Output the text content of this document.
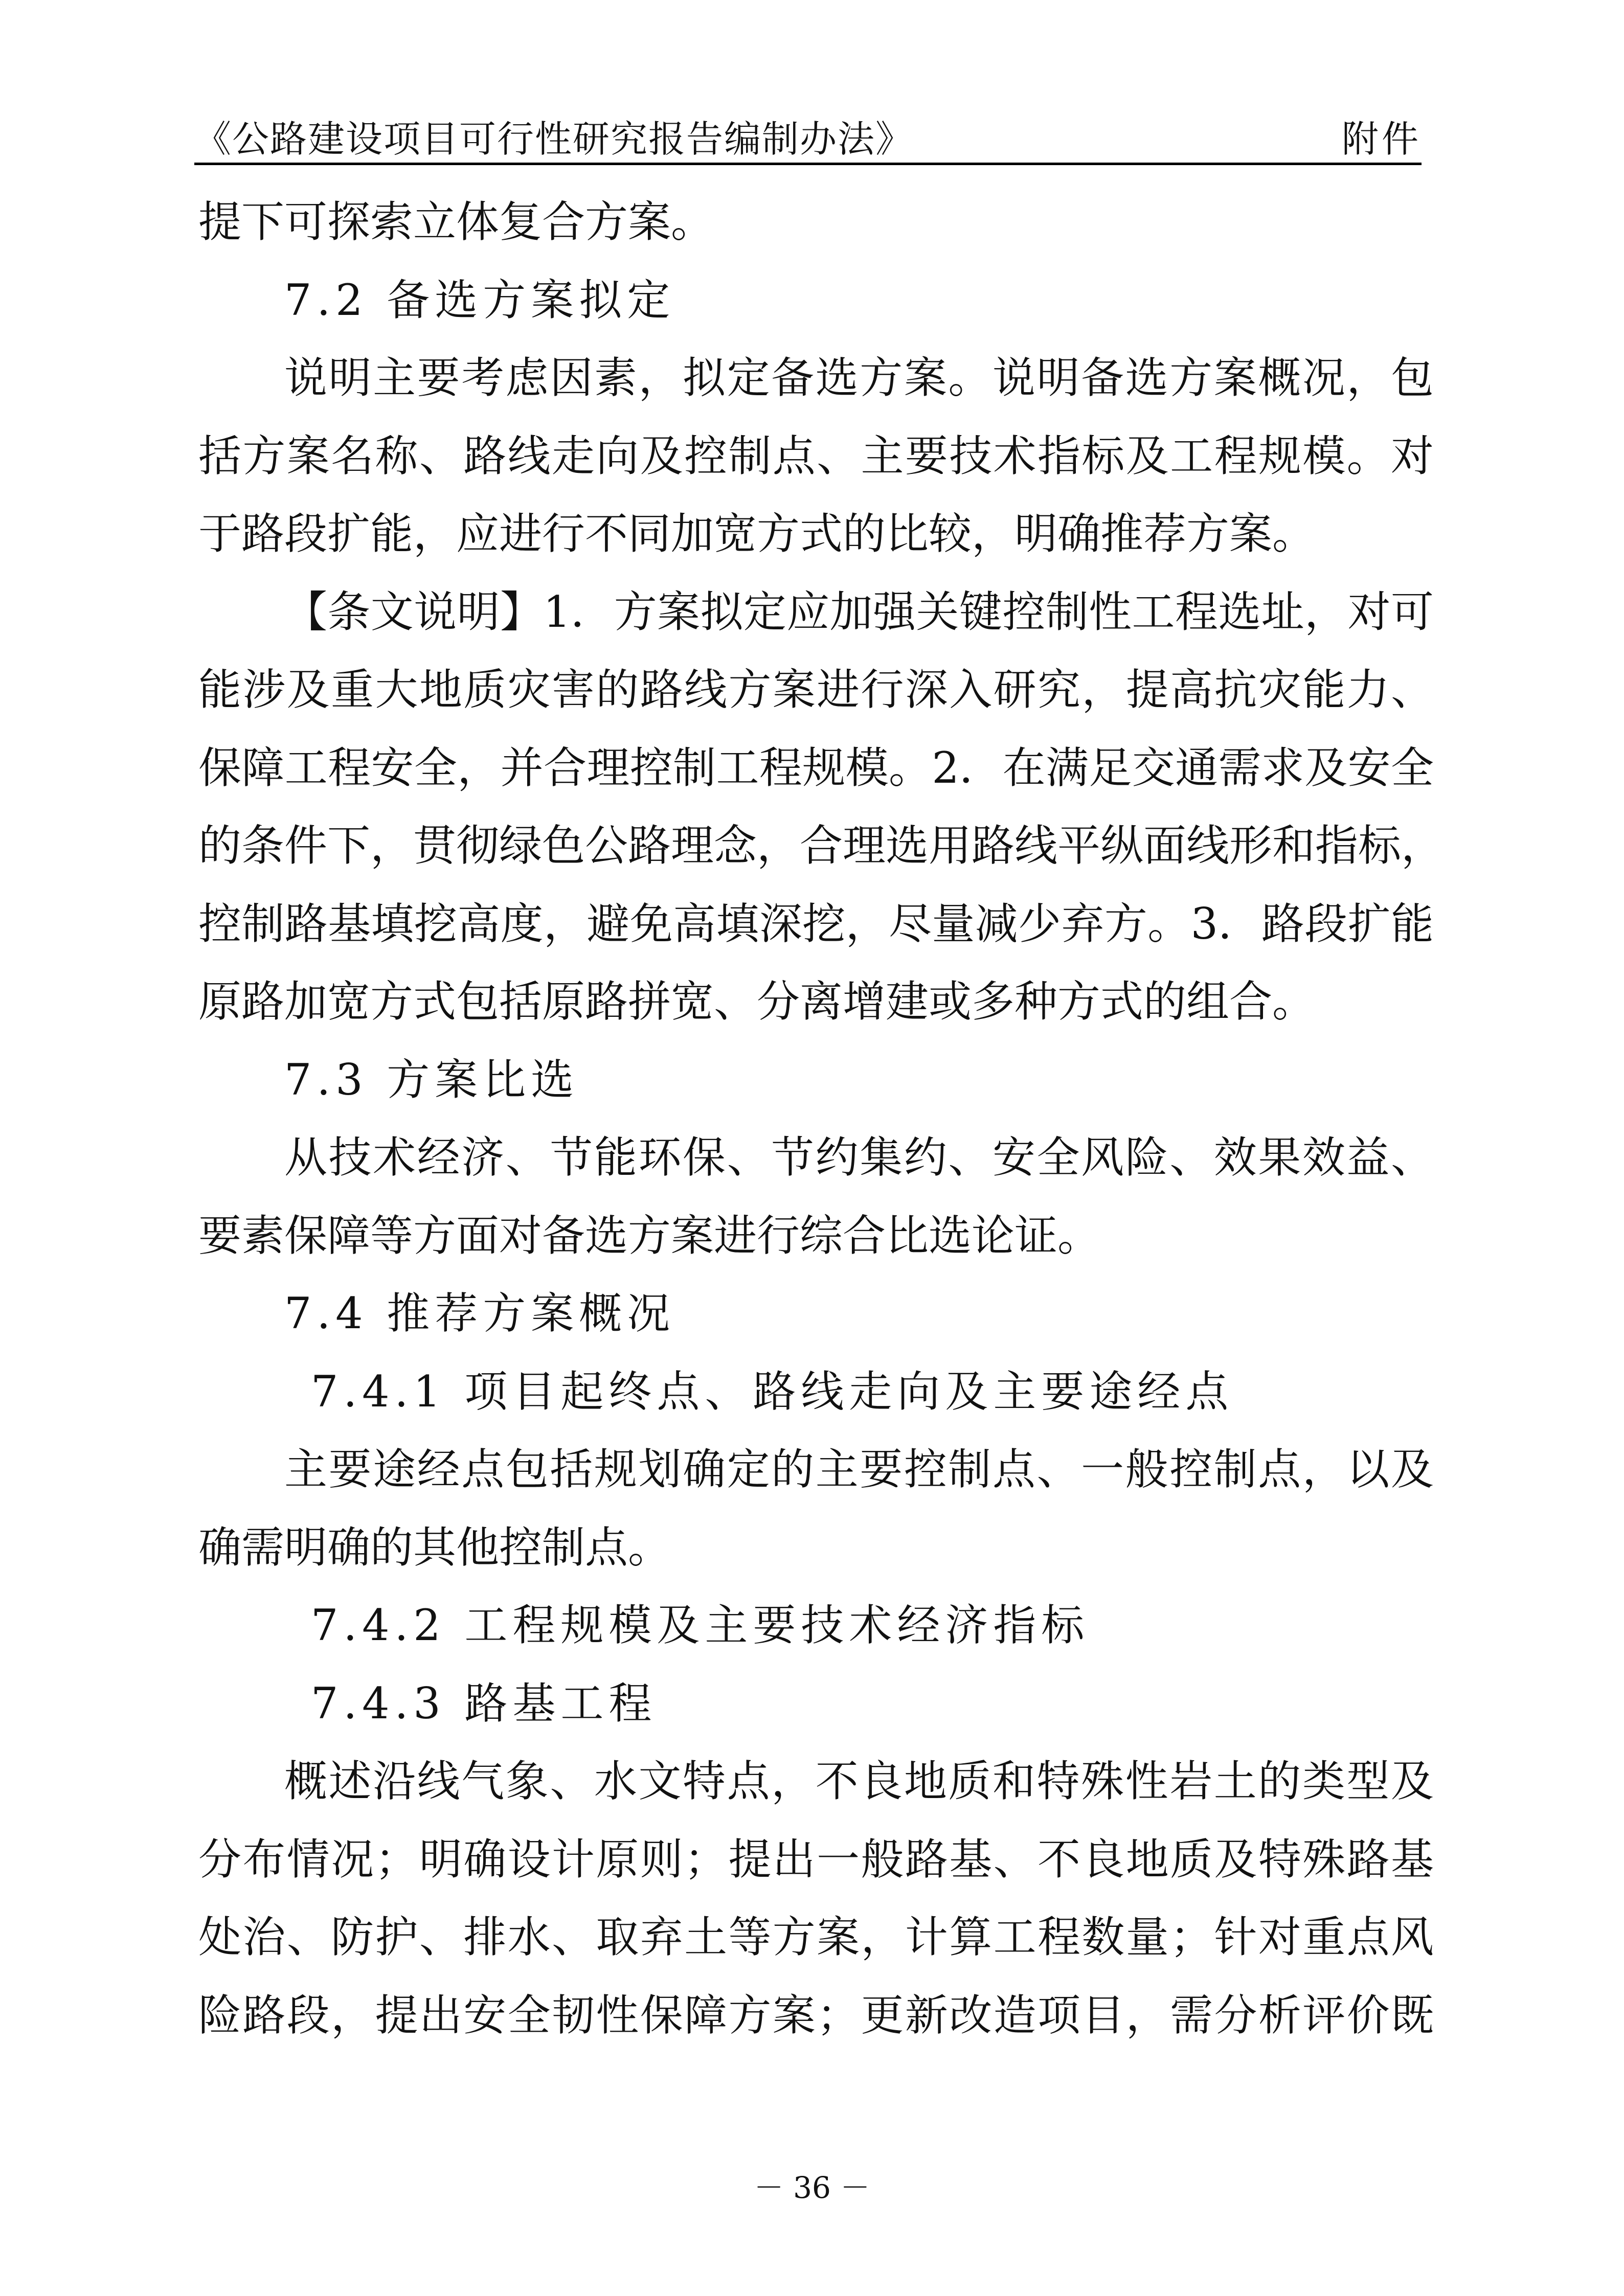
《公路建设项目可行性研究报告编制办法》	附件
提下可探索立体复合方案。
7.2 备选方案拟定
说明主要考虑因素，拟定备选方案。说明备选方案概况，包
括方案名称、路线走向及控制点、主要技术指标及工程规模。对
于路段扩能，应进行不同加宽方式的比较，明确推荐方案。
【条文说明】1．方案拟定应加强关键控制性工程选址，对可
能涉及重大地质灾害的路线方案进行深入研究，提高抗灾能力、
保障工程安全，并合理控制工程规模。2．在满足交通需求及安全
的条件下，贯彻绿色公路理念，合理选用路线平纵面线形和指标，
控制路基填挖高度，避免高填深挖，尽量减少弃方。3．路段扩能
原路加宽方式包括原路拼宽、分离增建或多种方式的组合。
7.3 方案比选
从技术经济、节能环保、节约集约、安全风险、效果效益、
要素保障等方面对备选方案进行综合比选论证。
7.4 推荐方案概况
7.4.1 项目起终点、路线走向及主要途经点
主要途经点包括规划确定的主要控制点、一般控制点，以及
确需明确的其他控制点。
7.4.2 工程规模及主要技术经济指标
7.4.3 路基工程
概述沿线气象、水文特点，不良地质和特殊性岩土的类型及
分布情况；明确设计原则；提出一般路基、不良地质及特殊路基
处治、防护、排水、取弃土等方案，计算工程数量；针对重点风
险路段，提出安全韧性保障方案；更新改造项目，需分析评价既
－ 36 －
